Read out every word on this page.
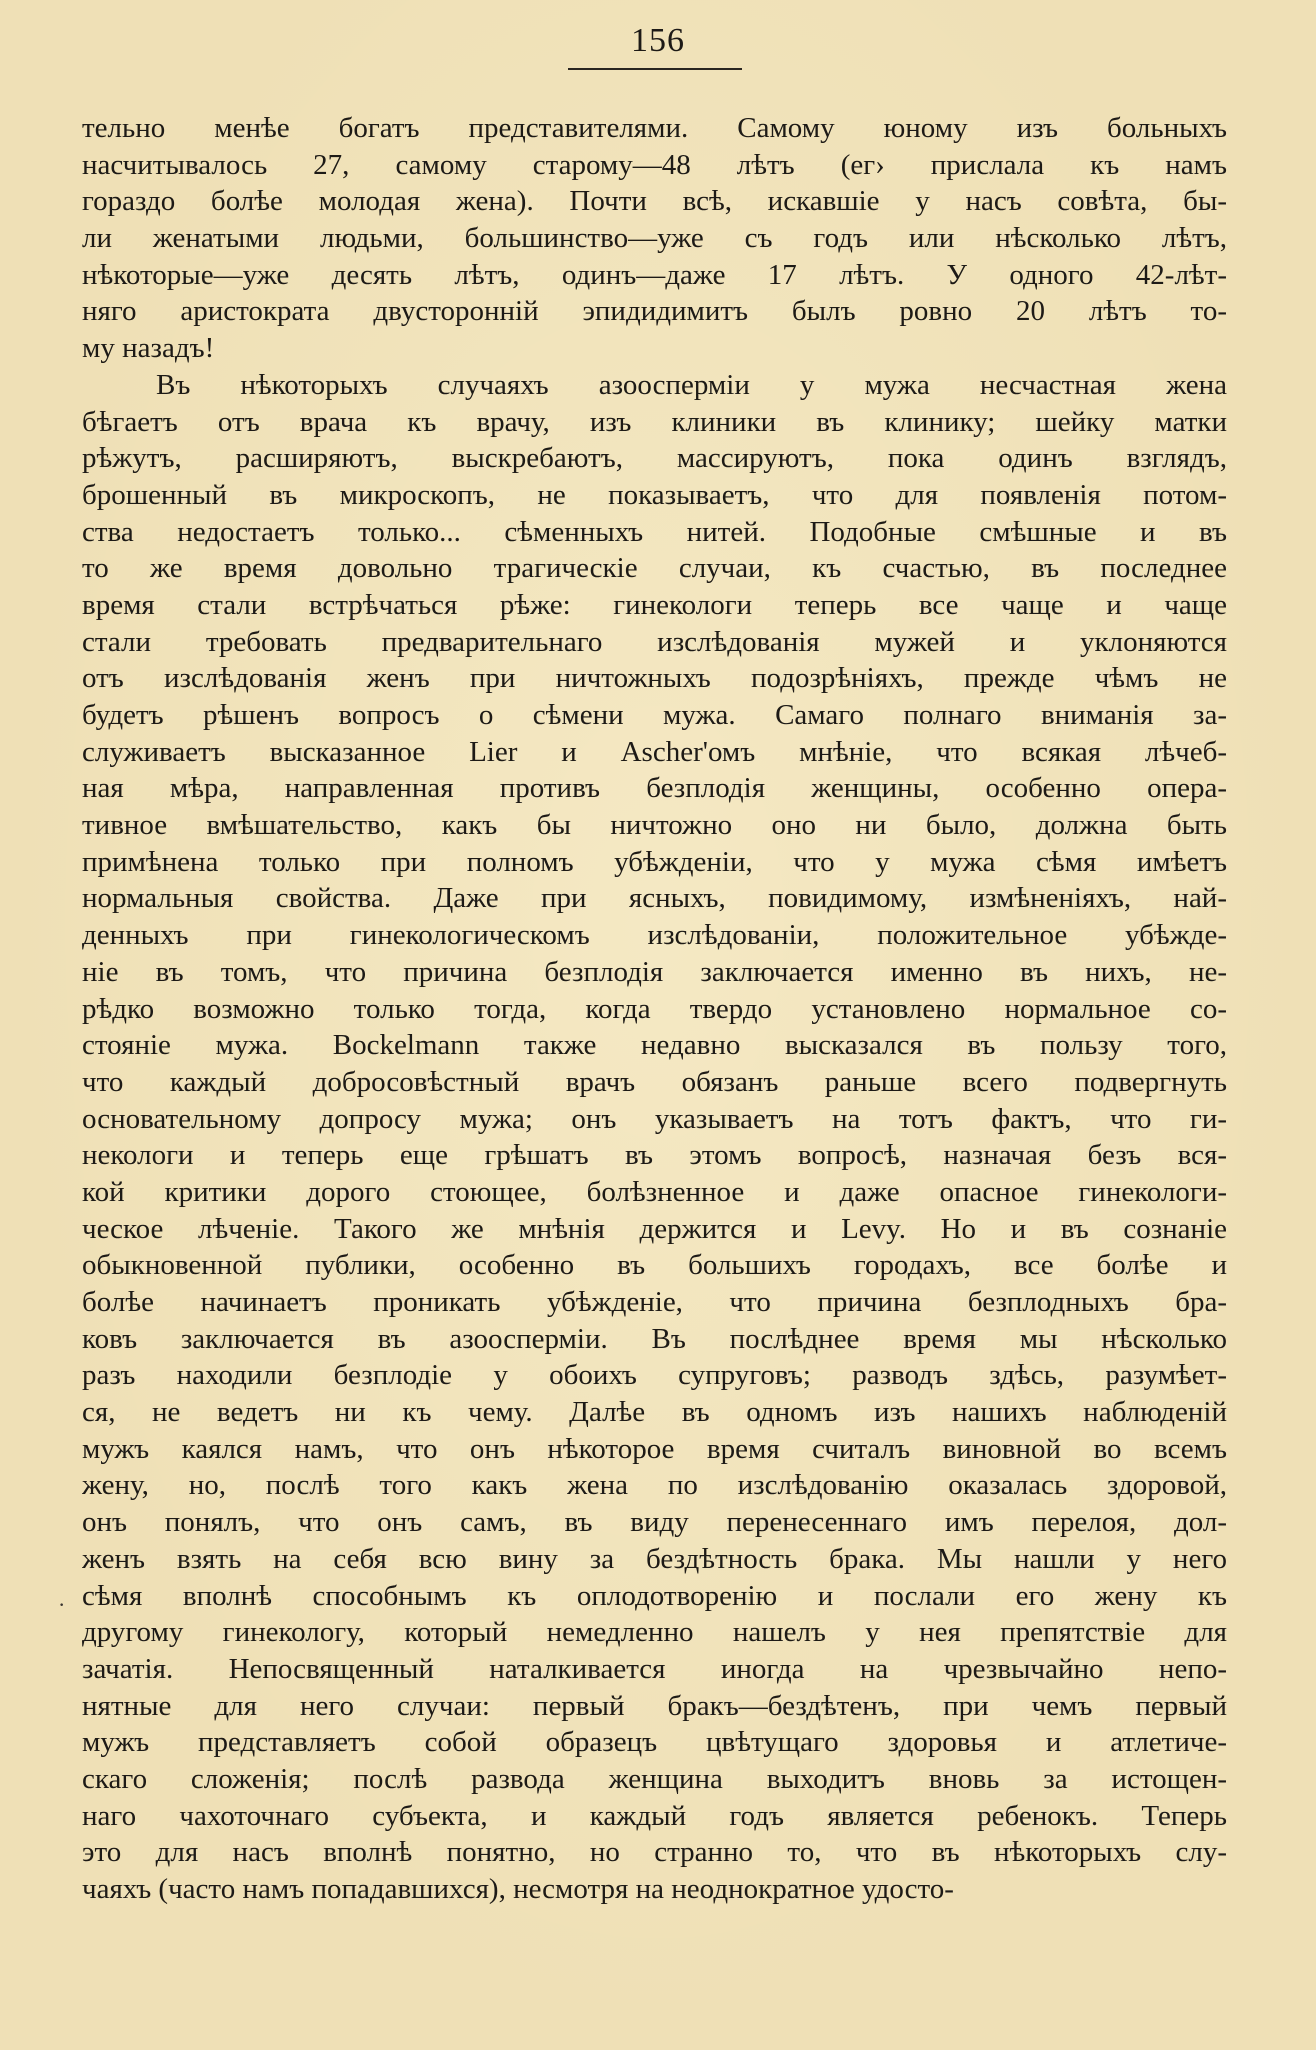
156
тельно менѣе богатъ представителями. Самому юному изъ больныхъ
насчитывалось 27, самому старому—48 лѣтъ (ег› прислала къ намъ
гораздо болѣе молодая жена). Почти всѣ, искавшіе у насъ совѣта, бы-
ли женатыми людьми, большинство—уже съ годъ или нѣсколько лѣтъ,
нѣкоторые—уже десять лѣтъ, одинъ—даже 17 лѣтъ. У одного 42-лѣт-
няго аристократа двусторонній эпидидимитъ былъ ровно 20 лѣтъ то-
му назадъ!
Въ нѣкоторыхъ случаяхъ азооспермiи у мужа несчастная жена
бѣгаетъ отъ врача къ врачу, изъ клиники въ клинику; шейку матки
рѣжутъ, расширяютъ, выскребаютъ, массируютъ, пока одинъ взглядъ,
брошенный въ микроскопъ, не показываетъ, что для появленія потом-
ства недостаетъ только... сѣменныхъ нитей. Подобные смѣшные и въ
то же время довольно трагическіе случаи, къ счастью, въ последнее
время стали встрѣчаться рѣже: гинекологи теперь все чаще и чаще
стали требовать предварительнаго изслѣдованія мужей и уклоняются
отъ изслѣдованія женъ при ничтожныхъ подозрѣніяхъ, прежде чѣмъ не
будетъ рѣшенъ вопросъ о сѣмени мужа. Самаго полнаго вниманія за-
служиваетъ высказанное Lier и Ascher'омъ мнѣніе, что всякая лѣчеб-
ная мѣра, направленная противъ безплодія женщины, особенно опера-
тивное вмѣшательство, какъ бы ничтожно оно ни было, должна быть
примѣнена только при полномъ убѣжденiи, что у мужа сѣмя имѣетъ
нормальныя свойства. Даже при ясныхъ, повидимому, измѣненiяхъ, най-
денныхъ при гинекологическомъ изслѣдованiи, положительное убѣжде-
ніе въ томъ, что причина безплодія заключается именно въ нихъ, не-
рѣдко возможно только тогда, когда твердо установлено нормальное со-
стояніе мужа. Bockelmann также недавно высказался въ пользу того,
что каждый добросовѣстный врачъ обязанъ раньше всего подвергнуть
основательному допросу мужа; онъ указываетъ на тотъ фактъ, что ги-
некологи и теперь еще грѣшатъ въ этомъ вопросѣ, назначая безъ вся-
кой критики дорого стоющее, болѣзненное и даже опасное гинекологи-
ческое лѣченіе. Такого же мнѣнія держится и Levy. Но и въ сознаніе
обыкновенной публики, особенно въ большихъ городахъ, все болѣе и
болѣе начинаетъ проникать убѣжденіе, что причина безплодныхъ бра-
ковъ заключается въ азооспермiи. Въ послѣднее время мы нѣсколько
разъ находили безплодіе у обоихъ супруговъ; разводъ здѣсь, разумѣет-
ся, не ведетъ ни къ чему. Далѣе въ одномъ изъ нашихъ наблюденій
мужъ каялся намъ, что онъ нѣкоторое время считалъ виновной во всемъ
жену, но, послѣ того какъ жена по изслѣдованію оказалась здоровой,
онъ понялъ, что онъ самъ, въ виду перенесеннаго имъ перелоя, дол-
женъ взять на себя всю вину за бездѣтность брака. Мы нашли у него
сѣмя вполнѣ способнымъ къ оплодотворенію и послали его жену къ
другому гинекологу, который немедленно нашелъ у нея препятствіе для
зачатія. Непосвященный наталкивается иногда на чрезвычайно непо-
нятные для него случаи: первый бракъ—бездѣтенъ, при чемъ первый
мужъ представляетъ собой образецъ цвѣтущаго здоровья и атлетиче-
скаго сложенія; послѣ развода женщина выходитъ вновь за истощен-
наго чахоточнаго субъекта, и каждый годъ является ребенокъ. Теперь
это для насъ вполнѣ понятно, но странно то, что въ нѣкоторыхъ слу-
чаяхъ (часто намъ попадавшихся), несмотря на неоднократное удосто-
·
